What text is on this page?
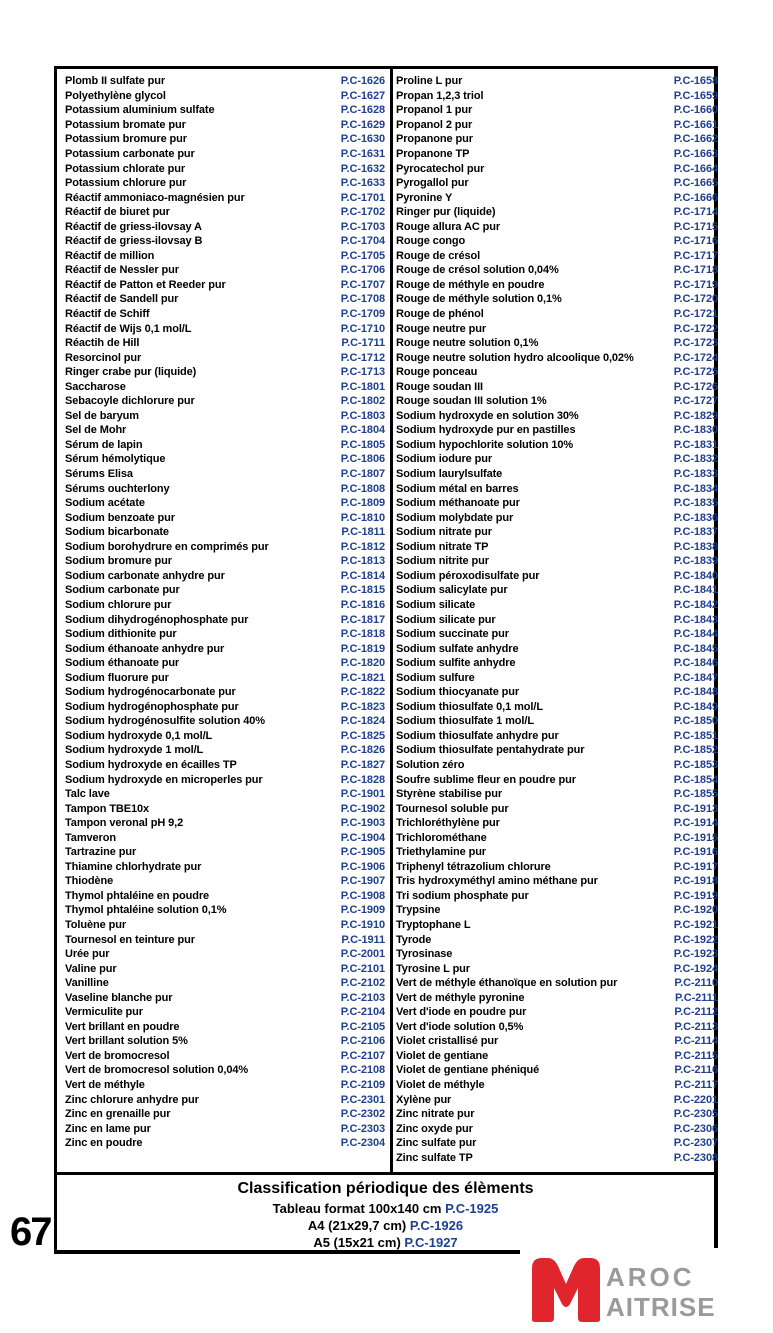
Plomb II sulfate pur	P.C-1626
Polyethylène glycol	P.C-1627
Potassium aluminium sulfate	P.C-1628
Potassium bromate pur	P.C-1629
Potassium bromure pur	P.C-1630
Potassium carbonate pur	P.C-1631
Potassium chlorate pur	P.C-1632
Potassium chlorure pur	P.C-1633
Réactif ammoniaco-magnésien pur	P.C-1701
Réactif de biuret pur	P.C-1702
Réactif de griess-ilovsay A	P.C-1703
Réactif de griess-ilovsay B	P.C-1704
Réactif de million	P.C-1705
Réactif de Nessler pur	P.C-1706
Réactif de Patton et Reeder pur	P.C-1707
Réactif de Sandell pur	P.C-1708
Réactif de Schiff	P.C-1709
Réactif de Wijs 0,1 mol/L	P.C-1710
Réactih de Hill	P.C-1711
Resorcinol pur	P.C-1712
Ringer crabe pur (liquide)	P.C-1713
Saccharose	P.C-1801
Sebacoyle dichlorure pur	P.C-1802
Sel de baryum	P.C-1803
Sel de Mohr	P.C-1804
Sérum de lapin	P.C-1805
Sérum hémolytique	P.C-1806
Sérums Elisa	P.C-1807
Sérums ouchterlony	P.C-1808
Sodium acétate	P.C-1809
Sodium benzoate pur	P.C-1810
Sodium bicarbonate	P.C-1811
Sodium borohydrure en comprimés pur	P.C-1812
Sodium bromure pur	P.C-1813
Sodium carbonate anhydre pur	P.C-1814
Sodium carbonate pur	P.C-1815
Sodium chlorure pur	P.C-1816
Sodium dihydrogénophosphate pur	P.C-1817
Sodium dithionite pur	P.C-1818
Sodium éthanoate anhydre pur	P.C-1819
Sodium éthanoate pur	P.C-1820
Sodium fluorure pur	P.C-1821
Sodium hydrogénocarbonate pur	P.C-1822
Sodium hydrogénophosphate pur	P.C-1823
Sodium hydrogénosulfite solution 40%	P.C-1824
Sodium hydroxyde 0,1 mol/L	P.C-1825
Sodium hydroxyde 1 mol/L	P.C-1826
Sodium hydroxyde en écailles TP	P.C-1827
Sodium hydroxyde en microperles pur	P.C-1828
Talc lave	P.C-1901
Tampon TBE10x	P.C-1902
Tampon veronal pH 9,2	P.C-1903
Tamveron	P.C-1904
Tartrazine pur	P.C-1905
Thiamine chlorhydrate pur	P.C-1906
Thiodène	P.C-1907
Thymol phtaléine en poudre	P.C-1908
Thymol phtaléine solution 0,1%	P.C-1909
Toluène pur	P.C-1910
Tournesol en teinture pur	P.C-1911
Urée pur	P.C-2001
Valine pur	P.C-2101
Vanilline	P.C-2102
Vaseline blanche pur	P.C-2103
Vermiculite pur	P.C-2104
Vert brillant en poudre	P.C-2105
Vert brillant solution 5%	P.C-2106
Vert de bromocresol	P.C-2107
Vert de bromocresol solution 0,04%	P.C-2108
Vert de méthyle	P.C-2109
Zinc chlorure anhydre pur	P.C-2301
Zinc en grenaille pur	P.C-2302
Zinc en lame pur	P.C-2303
Zinc en poudre	P.C-2304
Proline L pur	P.C-1658
Propan 1,2,3 triol	P.C-1659
Propanol 1 pur	P.C-1660
Propanol 2 pur	P.C-1661
Propanone pur	P.C-1662
Propanone TP	P.C-1663
Pyrocatechol pur	P.C-1664
Pyrogallol pur	P.C-1665
Pyronine Y	P.C-1666
Ringer pur (liquide)	P.C-1714
Rouge allura AC pur	P.C-1715
Rouge congo	P.C-1716
Rouge de crésol	P.C-1717
Rouge de crésol solution 0,04%	P.C-1718
Rouge de méthyle en poudre	P.C-1719
Rouge de méthyle solution 0,1%	P.C-1720
Rouge de phénol	P.C-1721
Rouge neutre pur	P.C-1722
Rouge neutre solution 0,1%	P.C-1723
Rouge neutre solution hydro alcoolique 0,02%	P.C-1724
Rouge ponceau	P.C-1725
Rouge soudan III	P.C-1726
Rouge soudan III solution 1%	P.C-1727
Sodium hydroxyde en solution 30%	P.C-1829
Sodium hydroxyde pur en pastilles	P.C-1830
Sodium hypochlorite solution 10%	P.C-1831
Sodium iodure pur	P.C-1832
Sodium laurylsulfate	P.C-1833
Sodium métal en barres	P.C-1834
Sodium méthanoate pur	P.C-1835
Sodium molybdate pur	P.C-1836
Sodium nitrate pur	P.C-1837
Sodium nitrate TP	P.C-1838
Sodium nitrite pur	P.C-1839
Sodium péroxodisulfate pur	P.C-1840
Sodium salicylate pur	P.C-1841
Sodium silicate	P.C-1842
Sodium silicate pur	P.C-1843
Sodium succinate pur	P.C-1844
Sodium sulfate anhydre	P.C-1845
Sodium sulfite anhydre	P.C-1846
Sodium sulfure	P.C-1847
Sodium thiocyanate pur	P.C-1848
Sodium thiosulfate 0,1 mol/L	P.C-1849
Sodium thiosulfate 1 mol/L	P.C-1850
Sodium thiosulfate anhydre pur	P.C-1851
Sodium thiosulfate pentahydrate pur	P.C-1852
Solution zéro	P.C-1853
Soufre sublime fleur en poudre pur	P.C-1854
Styrène stabilise pur	P.C-1855
Tournesol soluble pur	P.C-1913
Trichloréthylène pur	P.C-1914
Trichlorométhane	P.C-1915
Triethylamine pur	P.C-1916
Triphenyl tétrazolium chlorure	P.C-1917
Tris hydroxyméthyl amino méthane pur	P.C-1918
Tri sodium phosphate pur	P.C-1919
Trypsine	P.C-1920
Tryptophane L	P.C-1921
Tyrode	P.C-1922
Tyrosinase	P.C-1923
Tyrosine L pur	P.C-1924
Vert de méthyle éthanoïque en solution pur	P.C-2110
Vert de méthyle pyronine	P.C-2111
Vert d'iode en poudre pur	P.C-2112
Vert d'iode solution 0,5%	P.C-2113
Violet cristallisé pur	P.C-2114
Violet de gentiane	P.C-2115
Violet de gentiane phéniqué	P.C-2116
Violet de méthyle	P.C-2117
Xylène pur	P.C-2201
Zinc nitrate pur	P.C-2305
Zinc oxyde pur	P.C-2306
Zinc sulfate pur	P.C-2307
Zinc sulfate TP	P.C-2308
Classification périodique des élèments
Tableau format 100x140 cm P.C-1925
A4 (21x29,7 cm) P.C-1926
A5 (15x21 cm) P.C-1927
67
AROC
AITRISE
